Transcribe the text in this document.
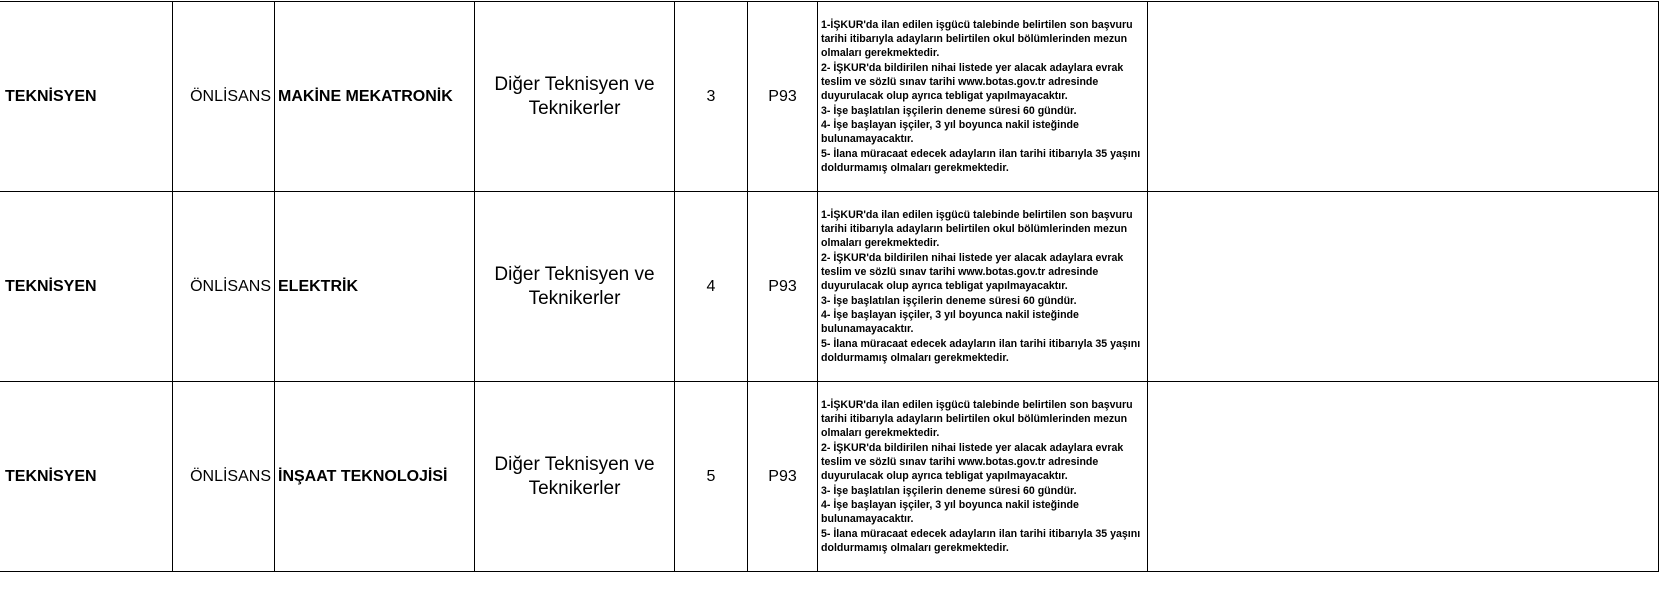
TEKNİSYEN	ÖNLİSANS	MAKİNE MEKATRONİK	Diğer Teknisyen ve Teknikerler	3	P93	1-İŞKUR'da ilan edilen işgücü talebinde belirtilen son başvuru tarihi itibarıyla adayların belirtilen okul bölümlerinden mezun olmaları gerekmektedir.
2- İŞKUR'da bildirilen nihai listede yer alacak adaylara evrak teslim ve sözlü sınav tarihi www.botas.gov.tr adresinde duyurulacak olup ayrıca tebligat yapılmayacaktır.
3- İşe başlatılan işçilerin deneme süresi 60 gündür.
4- İşe başlayan işçiler, 3 yıl boyunca nakil isteğinde bulunamayacaktır.
5- İlana müracaat edecek adayların ilan tarihi itibarıyla 35 yaşını doldurmamış olmaları gerekmektedir.		

TEKNİSYEN	ÖNLİSANS	ELEKTRİK	Diğer Teknisyen ve Teknikerler	4	P93	1-İŞKUR'da ilan edilen işgücü talebinde belirtilen son başvuru tarihi itibarıyla adayların belirtilen okul bölümlerinden mezun olmaları gerekmektedir.
2- İŞKUR'da bildirilen nihai listede yer alacak adaylara evrak teslim ve sözlü sınav tarihi www.botas.gov.tr adresinde duyurulacak olup ayrıca tebligat yapılmayacaktır.
3- İşe başlatılan işçilerin deneme süresi 60 gündür.
4- İşe başlayan işçiler, 3 yıl boyunca nakil isteğinde bulunamayacaktır.
5- İlana müracaat edecek adayların ilan tarihi itibarıyla 35 yaşını doldurmamış olmaları gerekmektedir.		

TEKNİSYEN	ÖNLİSANS	İNŞAAT TEKNOLOJİSİ	Diğer Teknisyen ve Teknikerler	5	P93	1-İŞKUR'da ilan edilen işgücü talebinde belirtilen son başvuru tarihi itibarıyla adayların belirtilen okul bölümlerinden mezun olmaları gerekmektedir.
2- İŞKUR'da bildirilen nihai listede yer alacak adaylara evrak teslim ve sözlü sınav tarihi www.botas.gov.tr adresinde duyurulacak olup ayrıca tebligat yapılmayacaktır.
3- İşe başlatılan işçilerin deneme süresi 60 gündür.
4- İşe başlayan işçiler, 3 yıl boyunca nakil isteğinde bulunamayacaktır.
5- İlana müracaat edecek adayların ilan tarihi itibarıyla 35 yaşını doldurmamış olmaları gerekmektedir.		
